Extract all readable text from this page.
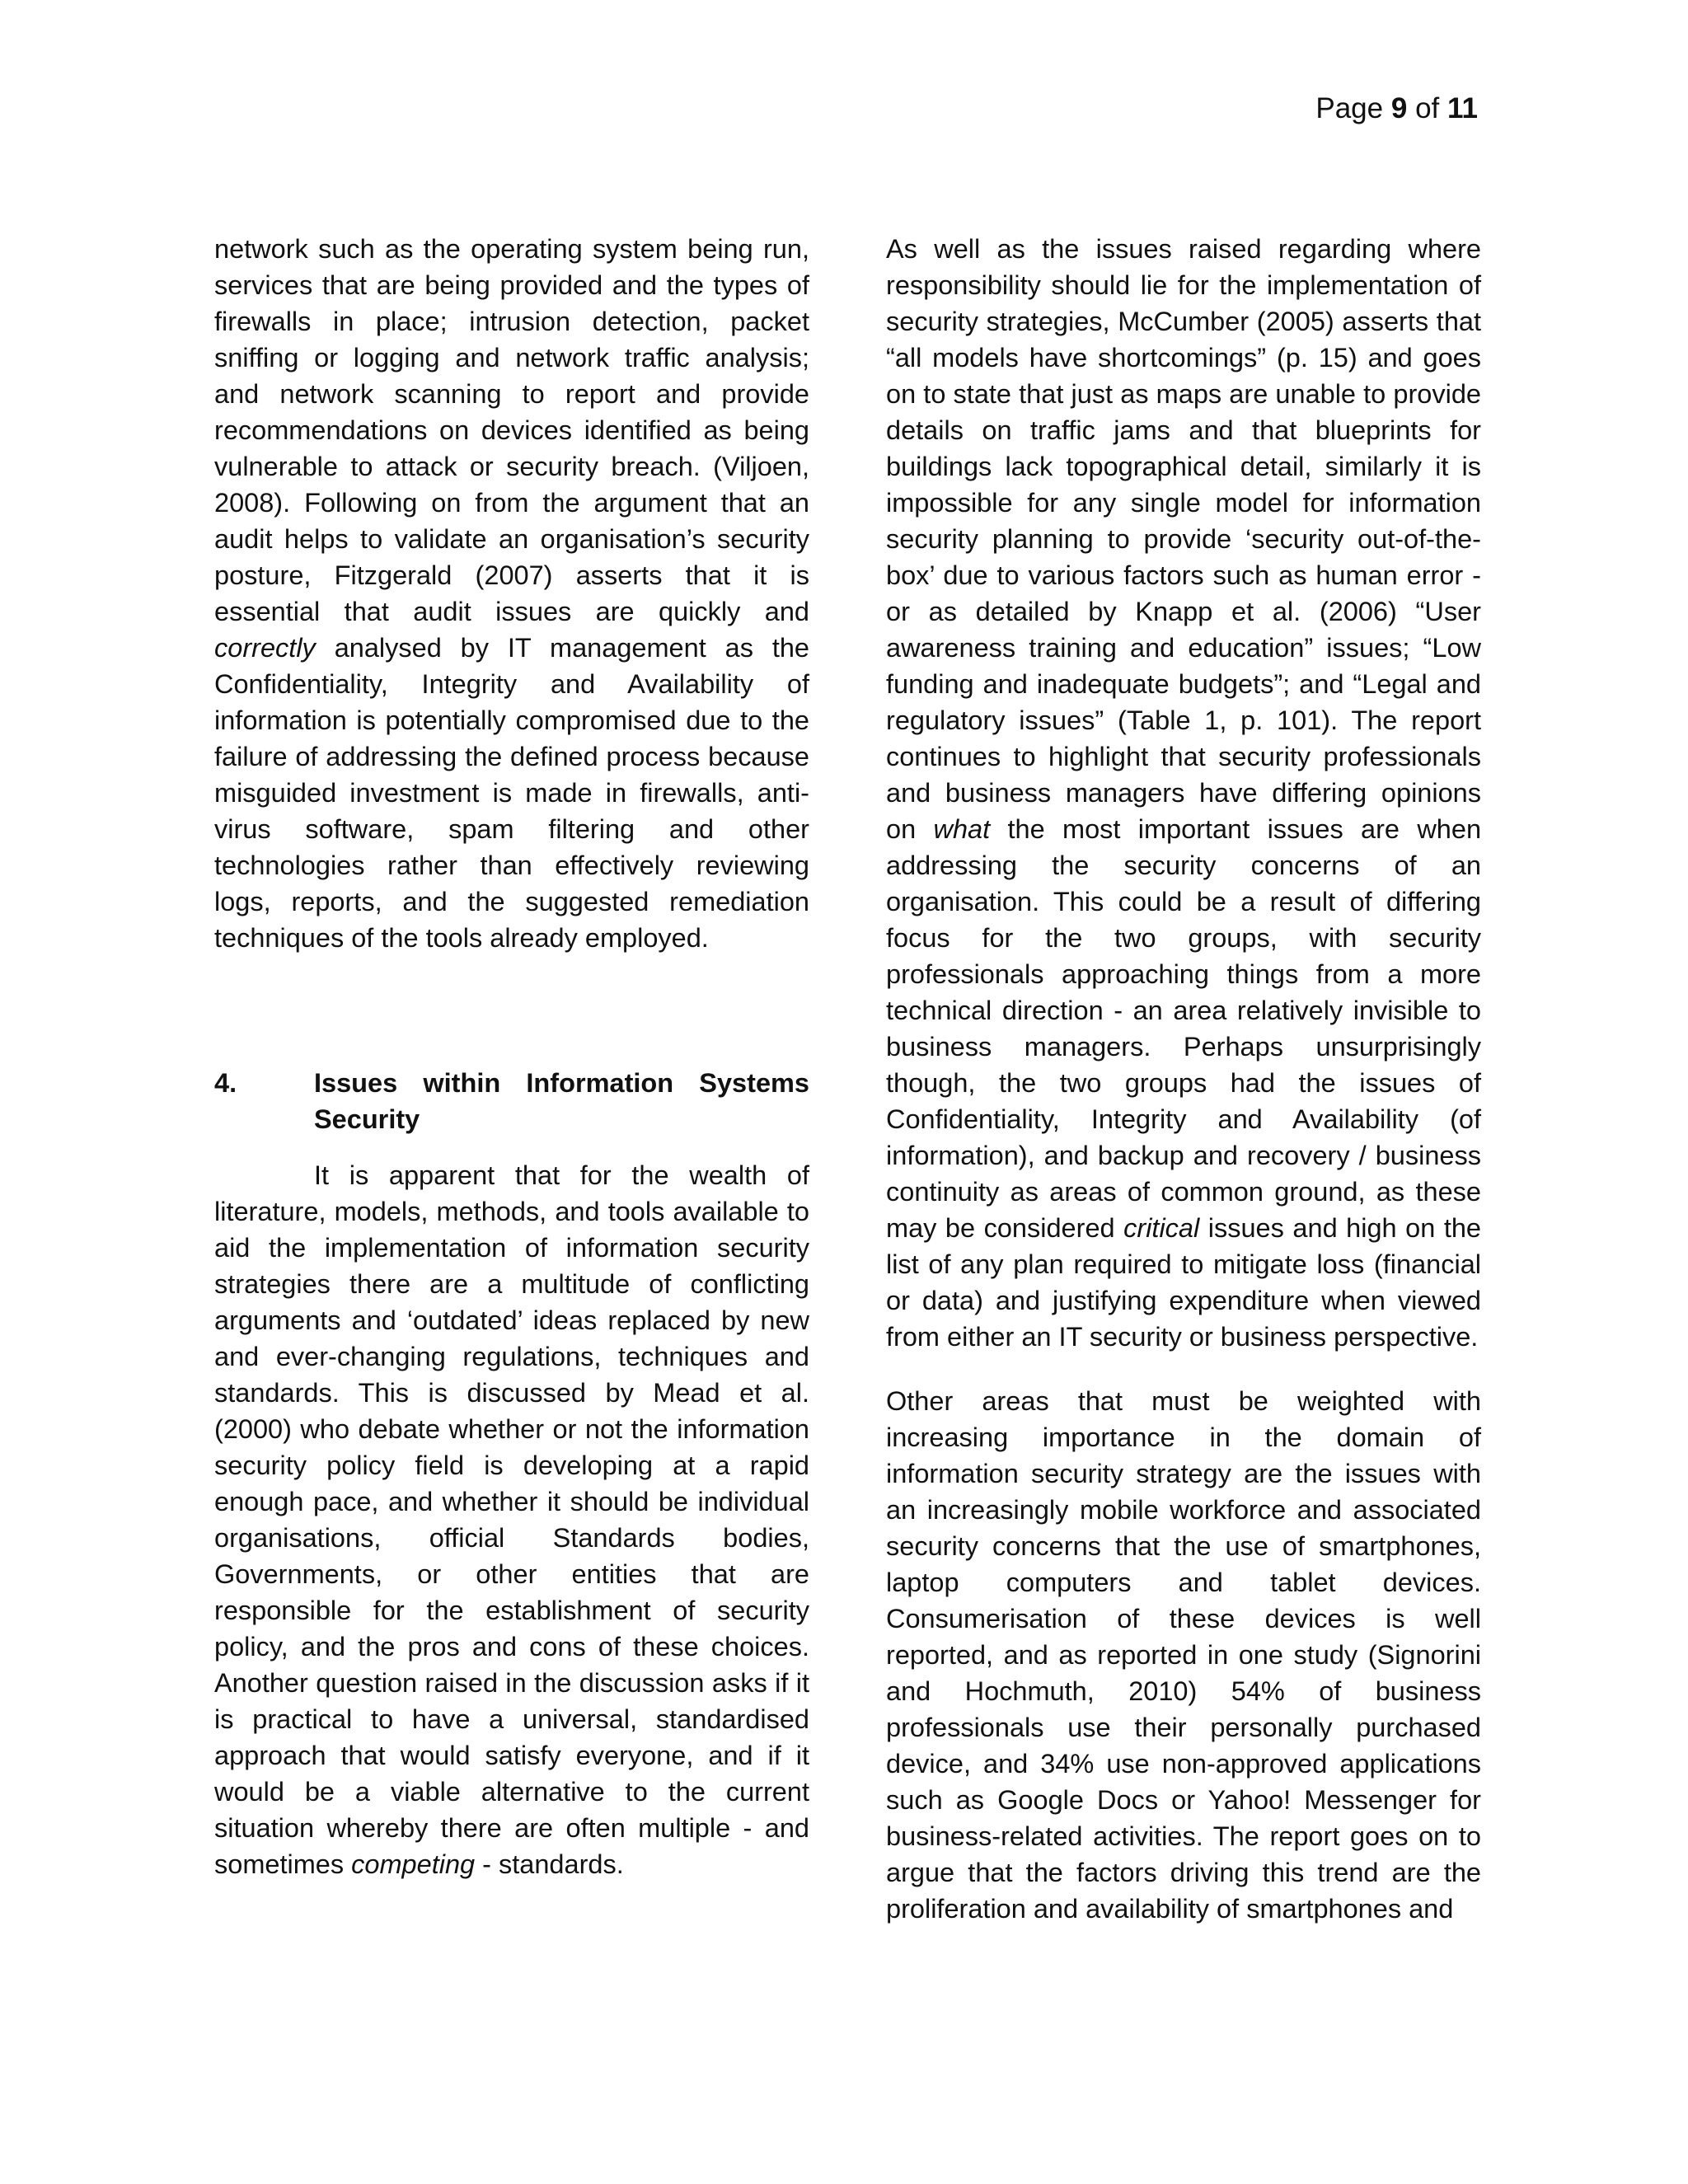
Page 9 of 11

network such as the operating system being run, services that are being provided and the types of firewalls in place; intrusion detection, packet sniffing or logging and network traffic analysis; and network scanning to report and provide recommendations on devices identified as being vulnerable to attack or security breach. (Viljoen, 2008). Following on from the argument that an audit helps to validate an organisation’s security posture, Fitzgerald (2007) asserts that it is essential that audit issues are quickly and correctly analysed by IT management as the Confidentiality, Integrity and Availability of information is potentially compromised due to the failure of addressing the defined process because misguided investment is made in firewalls, anti-virus software, spam filtering and other technologies rather than effectively reviewing logs, reports, and the suggested remediation techniques of the tools already employed.

4.	Issues within Information Systems Security

It is apparent that for the wealth of literature, models, methods, and tools available to aid the implementation of information security strategies there are a multitude of conflicting arguments and ‘outdated’ ideas replaced by new and ever-changing regulations, techniques and standards. This is discussed by Mead et al. (2000) who debate whether or not the information security policy field is developing at a rapid enough pace, and whether it should be individual organisations, official Standards bodies, Governments, or other entities that are responsible for the establishment of security policy, and the pros and cons of these choices. Another question raised in the discussion asks if it is practical to have a universal, standardised approach that would satisfy everyone, and if it would be a viable alternative to the current situation whereby there are often multiple - and sometimes competing - standards.

As well as the issues raised regarding where responsibility should lie for the implementation of security strategies, McCumber (2005) asserts that “all models have shortcomings” (p. 15) and goes on to state that just as maps are unable to provide details on traffic jams and that blueprints for buildings lack topographical detail, similarly it is impossible for any single model for information security planning to provide ‘security out-of-the-box’ due to various factors such as human error - or as detailed by Knapp et al. (2006) “User awareness training and education” issues; “Low funding and inadequate budgets”; and “Legal and regulatory issues” (Table 1, p. 101). The report continues to highlight that security professionals and business managers have differing opinions on what the most important issues are when addressing the security concerns of an organisation. This could be a result of differing focus for the two groups, with security professionals approaching things from a more technical direction - an area relatively invisible to business managers. Perhaps unsurprisingly though, the two groups had the issues of Confidentiality, Integrity and Availability (of information), and backup and recovery / business continuity as areas of common ground, as these may be considered critical issues and high on the list of any plan required to mitigate loss (financial or data) and justifying expenditure when viewed from either an IT security or business perspective.

Other areas that must be weighted with increasing importance in the domain of information security strategy are the issues with an increasingly mobile workforce and associated security concerns that the use of smartphones, laptop computers and tablet devices. Consumerisation of these devices is well reported, and as reported in one study (Signorini and Hochmuth, 2010) 54% of business professionals use their personally purchased device, and 34% use non-approved applications such as Google Docs or Yahoo! Messenger for business-related activities. The report goes on to argue that the factors driving this trend are the proliferation and availability of smartphones and
